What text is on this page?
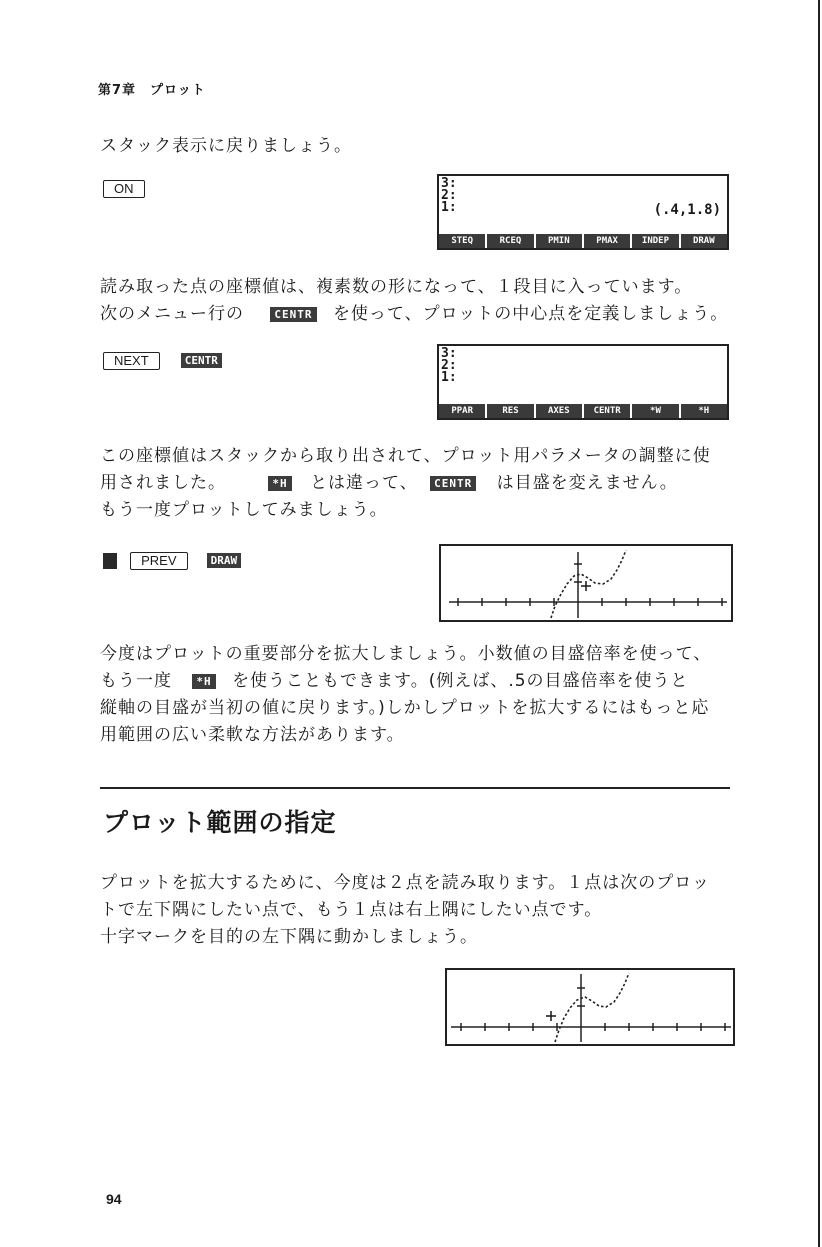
第7章　プロット
スタック表示に戻りましょう。
ON	3:
2:
1:	(.4,1.8)
STEQ	RCEQ	PMIN	PMAX	INDEP	DRAW
読み取った点の座標値は、複素数の形になって、１段目に入っています。
次のメニュー行の	CENTR を使って、プロットの中心点を定義しましょう。
NEXT	CENTR	3:
2:
1:
PPAR	RES	AXES	CENTR	*W	*H
この座標値はスタックから取り出されて、プロット用パラメータの調整に使
用されました。	*H とは違って、 CENTR は目盛を変えません。
もう一度プロットしてみましょう。
PREV	DRAW
今度はプロットの重要部分を拡大しましょう。小数値の目盛倍率を使って、
もう一度 *H を使うこともできます。(例えば、.5の目盛倍率を使うと
縦軸の目盛が当初の値に戻ります。)しかしプロットを拡大するにはもっと応
用範囲の広い柔軟な方法があります。
プロット範囲の指定
プロットを拡大するために、今度は２点を読み取ります。１点は次のプロッ
トで左下隅にしたい点で、もう１点は右上隅にしたい点です。
十字マークを目的の左下隅に動かしましょう。
94
